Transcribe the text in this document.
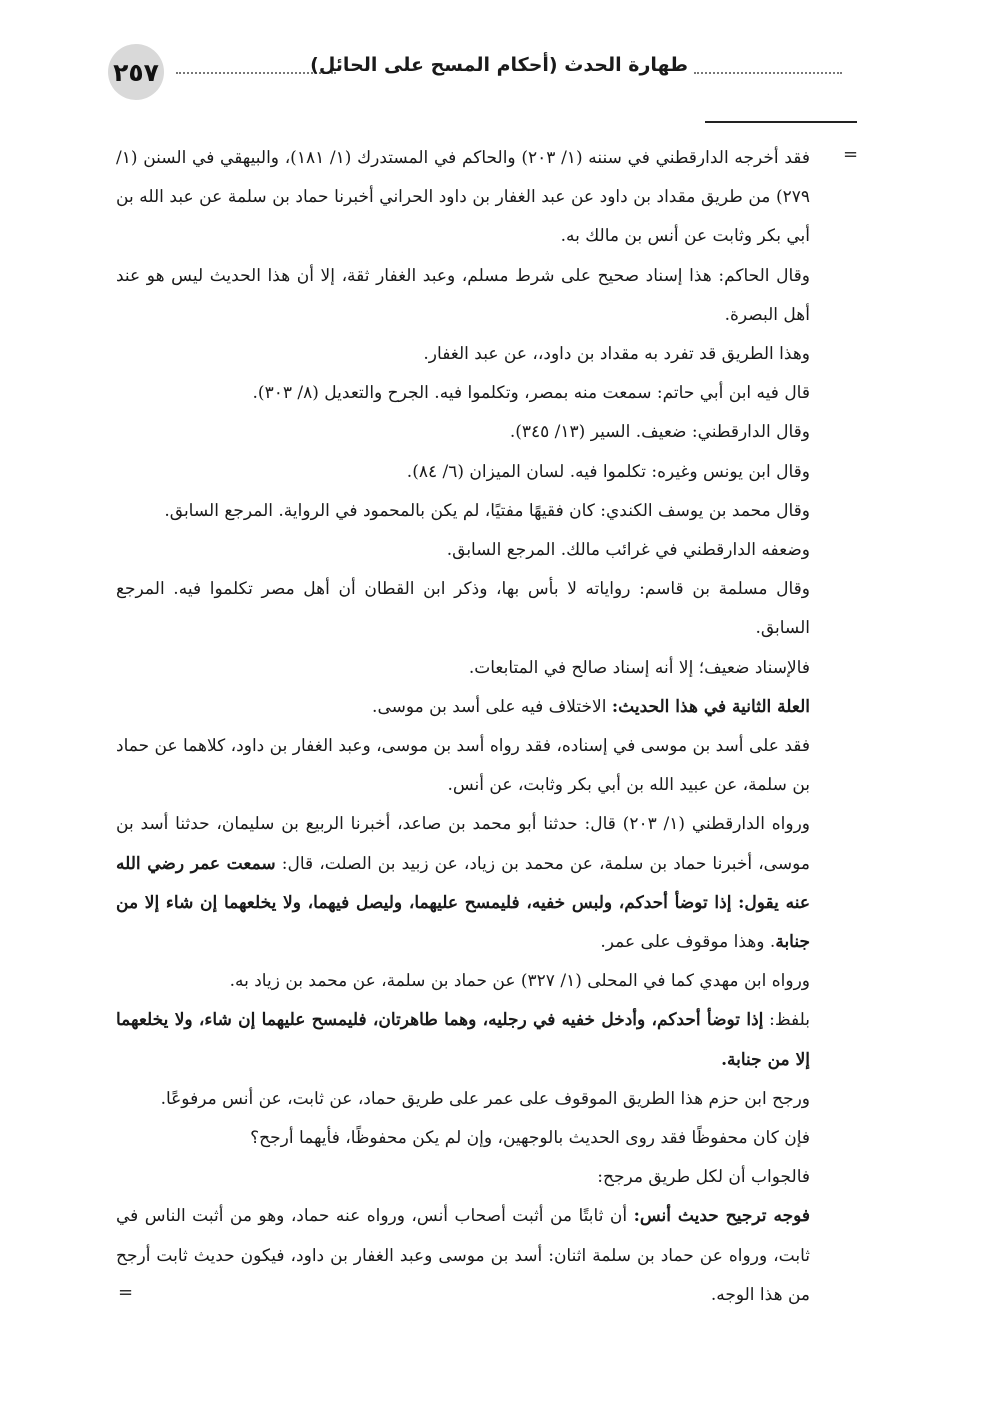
٢٥٧	طهارة الحدث (أحكام المسح على الحائل)
=

فقد أخرجه الدارقطني في سننه (١/ ٢٠٣) والحاكم في المستدرك (١/ ١٨١)، والبيهقي في السنن (١/ ٢٧٩) من طريق مقداد بن داود عن عبد الغفار بن داود الحراني أخبرنا حماد بن سلمة عن عبد الله بن أبي بكر وثابت عن أنس بن مالك به.

وقال الحاكم: هذا إسناد صحيح على شرط مسلم، وعبد الغفار ثقة، إلا أن هذا الحديث ليس هو عند أهل البصرة.

وهذا الطريق قد تفرد به مقداد بن داود،، عن عبد الغفار.

قال فيه ابن أبي حاتم: سمعت منه بمصر، وتكلموا فيه. الجرح والتعديل (٨/ ٣٠٣).

وقال الدارقطني: ضعيف. السير (١٣/ ٣٤٥).

وقال ابن يونس وغيره: تكلموا فيه. لسان الميزان (٦/ ٨٤).

وقال محمد بن يوسف الكندي: كان فقيهًا مفتيًا، لم يكن بالمحمود في الرواية. المرجع السابق.

وضعفه الدارقطني في غرائب مالك. المرجع السابق.

وقال مسلمة بن قاسم: رواياته لا بأس بها، وذكر ابن القطان أن أهل مصر تكلموا فيه. المرجع السابق.

فالإسناد ضعيف؛ إلا أنه إسناد صالح في المتابعات.

العلة الثانية في هذا الحديث: الاختلاف فيه على أسد بن موسى.

فقد على أسد بن موسى في إسناده، فقد رواه أسد بن موسى، وعبد الغفار بن داود، كلاهما عن حماد بن سلمة، عن عبيد الله بن أبي بكر وثابت، عن أنس.

ورواه الدارقطني (١/ ٢٠٣) قال: حدثنا أبو محمد بن صاعد، أخبرنا الربيع بن سليمان، حدثنا أسد بن موسى، أخبرنا حماد بن سلمة، عن محمد بن زياد، عن زبيد بن الصلت، قال: سمعت عمر رضي الله عنه يقول: إذا توضأ أحدكم، ولبس خفيه، فليمسح عليهما، وليصل فيهما، ولا يخلعهما إن شاء إلا من جنابة. وهذا موقوف على عمر.

ورواه ابن مهدي كما في المحلى (١/ ٣٢٧) عن حماد بن سلمة، عن محمد بن زياد به.

بلفظ: إذا توضأ أحدكم، وأدخل خفيه في رجليه، وهما طاهرتان، فليمسح عليهما إن شاء، ولا يخلعهما إلا من جنابة.

ورجح ابن حزم هذا الطريق الموقوف على عمر على طريق حماد، عن ثابت، عن أنس مرفوعًا.

فإن كان محفوظًا فقد روى الحديث بالوجهين، وإن لم يكن محفوظًا، فأيهما أرجح؟

فالجواب أن لكل طريق مرجح:

فوجه ترجيح حديث أنس: أن ثابتًا من أثبت أصحاب أنس، ورواه عنه حماد، وهو من أثبت الناس في ثابت، ورواه عن حماد بن سلمة اثنان: أسد بن موسى وعبد الغفار بن داود، فيكون حديث ثابت أرجح من هذا الوجه.

=
